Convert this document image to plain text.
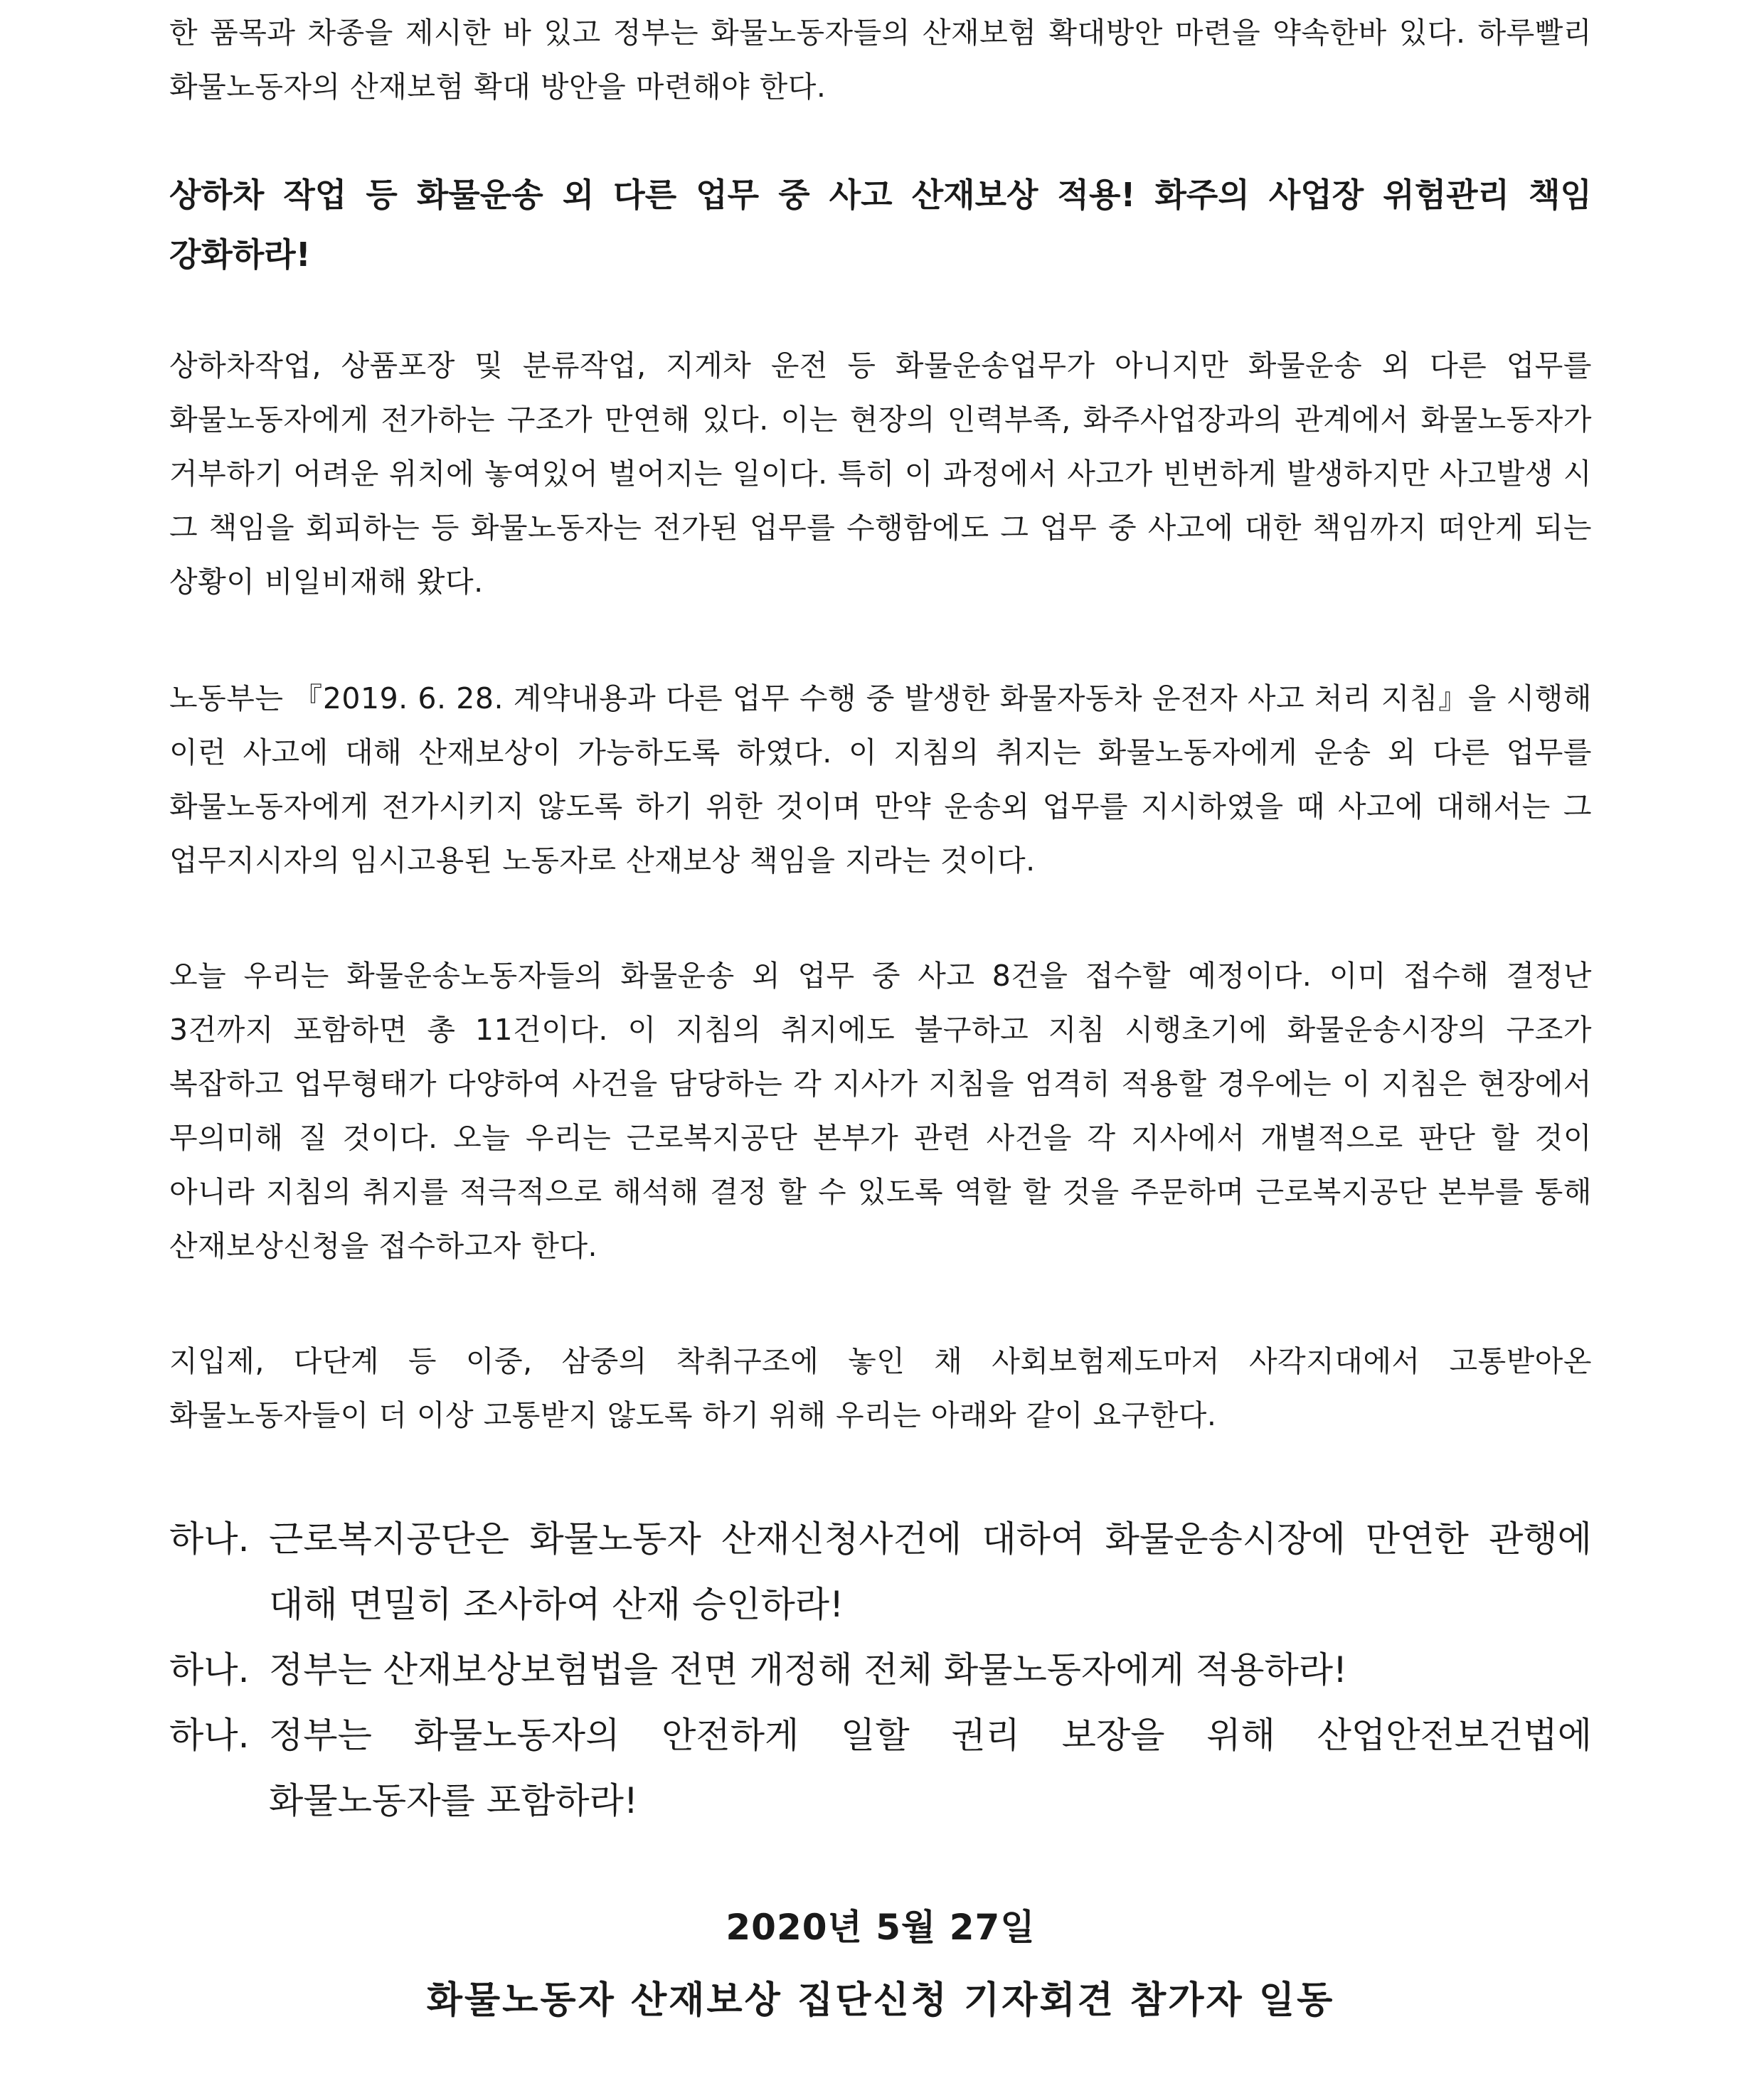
한 품목과 차종을 제시한 바 있고 정부는 화물노동자들의 산재보험 확대방안 마련을 약속한바 있다. 하루빨리 화물노동자의 산재보험 확대 방안을 마련해야 한다.

상하차 작업 등 화물운송 외 다른 업무 중 사고 산재보상 적용! 화주의 사업장 위험관리 책임 강화하라!

상하차작업, 상품포장 및 분류작업, 지게차 운전 등 화물운송업무가 아니지만 화물운송 외 다른 업무를 화물노동자에게 전가하는 구조가 만연해 있다. 이는 현장의 인력부족, 화주사업장과의 관계에서 화물노동자가 거부하기 어려운 위치에 놓여있어 벌어지는 일이다. 특히 이 과정에서 사고가 빈번하게 발생하지만 사고발생 시 그 책임을 회피하는 등 화물노동자는 전가된 업무를 수행함에도 그 업무 중 사고에 대한 책임까지 떠안게 되는 상황이 비일비재해 왔다.

노동부는 『2019. 6. 28. 계약내용과 다른 업무 수행 중 발생한 화물자동차 운전자 사고 처리 지침』을 시행해 이런 사고에 대해 산재보상이 가능하도록 하였다. 이 지침의 취지는 화물노동자에게 운송 외 다른 업무를 화물노동자에게 전가시키지 않도록 하기 위한 것이며 만약 운송외 업무를 지시하였을 때 사고에 대해서는 그 업무지시자의 임시고용된 노동자로 산재보상 책임을 지라는 것이다.

오늘 우리는 화물운송노동자들의 화물운송 외 업무 중 사고 8건을 접수할 예정이다. 이미 접수해 결정난 3건까지 포함하면 총 11건이다. 이 지침의 취지에도 불구하고 지침 시행초기에 화물운송시장의 구조가 복잡하고 업무형태가 다양하여 사건을 담당하는 각 지사가 지침을 엄격히 적용할 경우에는 이 지침은 현장에서 무의미해 질 것이다. 오늘 우리는 근로복지공단 본부가 관련 사건을 각 지사에서 개별적으로 판단 할 것이 아니라 지침의 취지를 적극적으로 해석해 결정 할 수 있도록 역할 할 것을 주문하며 근로복지공단 본부를 통해 산재보상신청을 접수하고자 한다.

지입제, 다단계 등 이중, 삼중의 착취구조에 놓인 채 사회보험제도마저 사각지대에서 고통받아온 화물노동자들이 더 이상 고통받지 않도록 하기 위해 우리는 아래와 같이 요구한다.

하나. 근로복지공단은 화물노동자 산재신청사건에 대하여 화물운송시장에 만연한 관행에 대해 면밀히 조사하여 산재 승인하라!
하나. 정부는 산재보상보험법을 전면 개정해 전체 화물노동자에게 적용하라!
하나. 정부는 화물노동자의 안전하게 일할 권리 보장을 위해 산업안전보건법에 화물노동자를 포함하라!

2020년 5월 27일

화물노동자 산재보상 집단신청 기자회견 참가자 일동
